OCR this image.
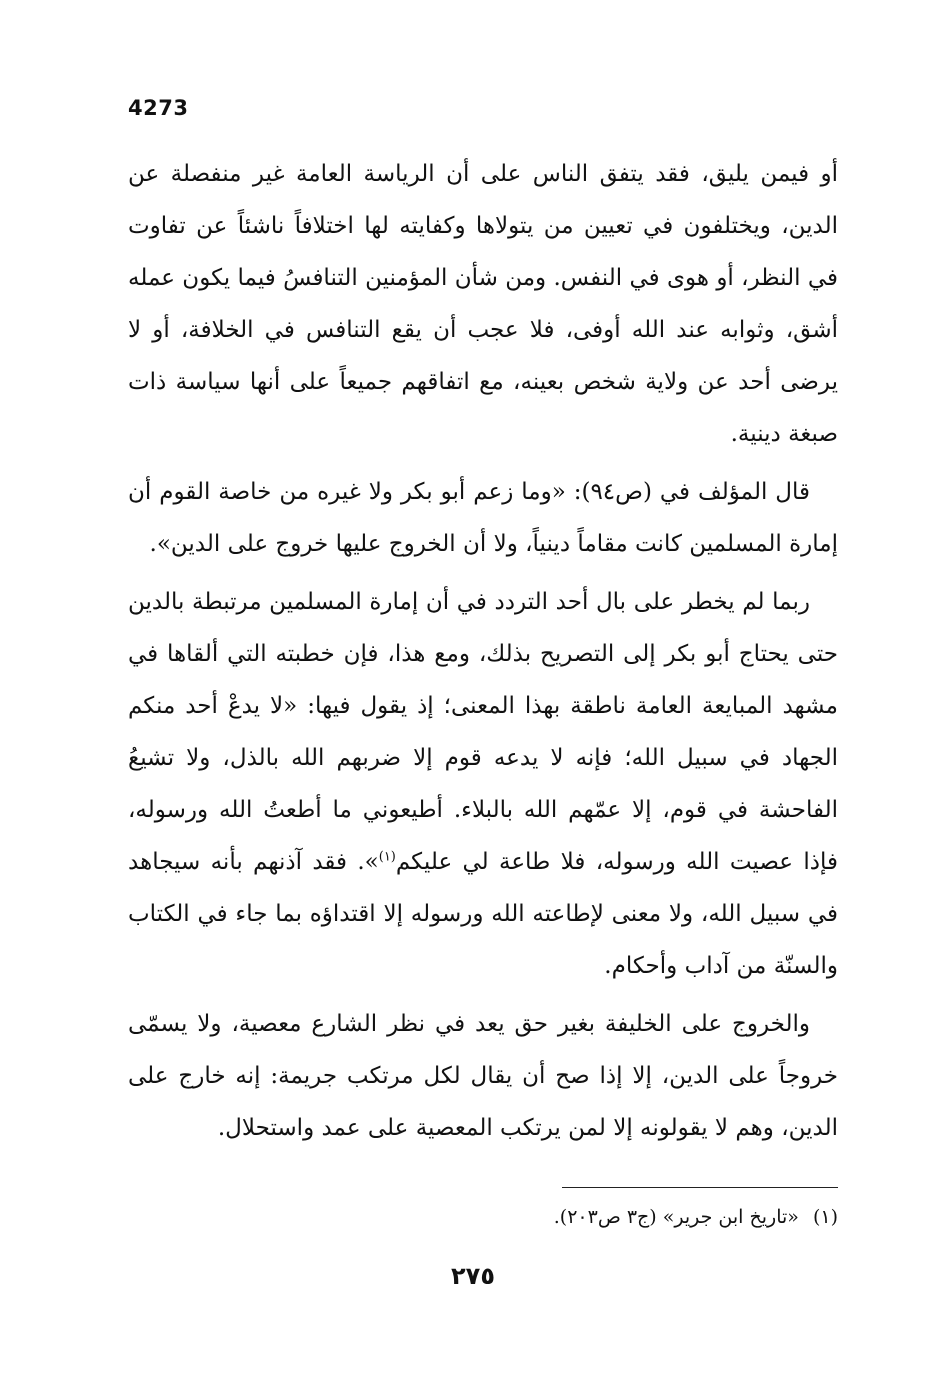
4273

أو فيمن يليق، فقد يتفق الناس على أن الرياسة العامة غير منفصلة عن الدين، ويختلفون في تعيين من يتولاها وكفايته لها اختلافاً ناشئاً عن تفاوت في النظر، أو هوى في النفس. ومن شأن المؤمنين التنافسُ فيما يكون عمله أشق، وثوابه عند الله أوفى، فلا عجب أن يقع التنافس في الخلافة، أو لا يرضى أحد عن ولاية شخص بعينه، مع اتفاقهم جميعاً على أنها سياسة ذات صبغة دينية.

قال المؤلف في (ص٩٤): «وما زعم أبو بكر ولا غيره من خاصة القوم أن إمارة المسلمين كانت مقاماً دينياً، ولا أن الخروج عليها خروج على الدين».

ربما لم يخطر على بال أحد التردد في أن إمارة المسلمين مرتبطة بالدين حتى يحتاج أبو بكر إلى التصريح بذلك، ومع هذا، فإن خطبته التي ألقاها في مشهد المبايعة العامة ناطقة بهذا المعنى؛ إذ يقول فيها: «لا يدعْ أحد منكم الجهاد في سبيل الله؛ فإنه لا يدعه قوم إلا ضربهم الله بالذل، ولا تشيعُ الفاحشة في قوم، إلا عمّهم الله بالبلاء. أطيعوني ما أطعتُ الله ورسوله، فإذا عصيت الله ورسوله، فلا طاعة لي عليكم$^{(١)}$». فقد آذنهم بأنه سيجاهد في سبيل الله، ولا معنى لإطاعته الله ورسوله إلا اقتداؤه بما جاء في الكتاب والسنّة من آداب وأحكام.

والخروج على الخليفة بغير حق يعد في نظر الشارع معصية، ولا يسمّى خروجاً على الدين، إلا إذا صح أن يقال لكل مرتكب جريمة: إنه خارج على الدين، وهم لا يقولونه إلا لمن يرتكب المعصية على عمد واستحلال.

(١)«تاريخ ابن جرير» (ج٣ ص٢٠٣).
٢٧٥
